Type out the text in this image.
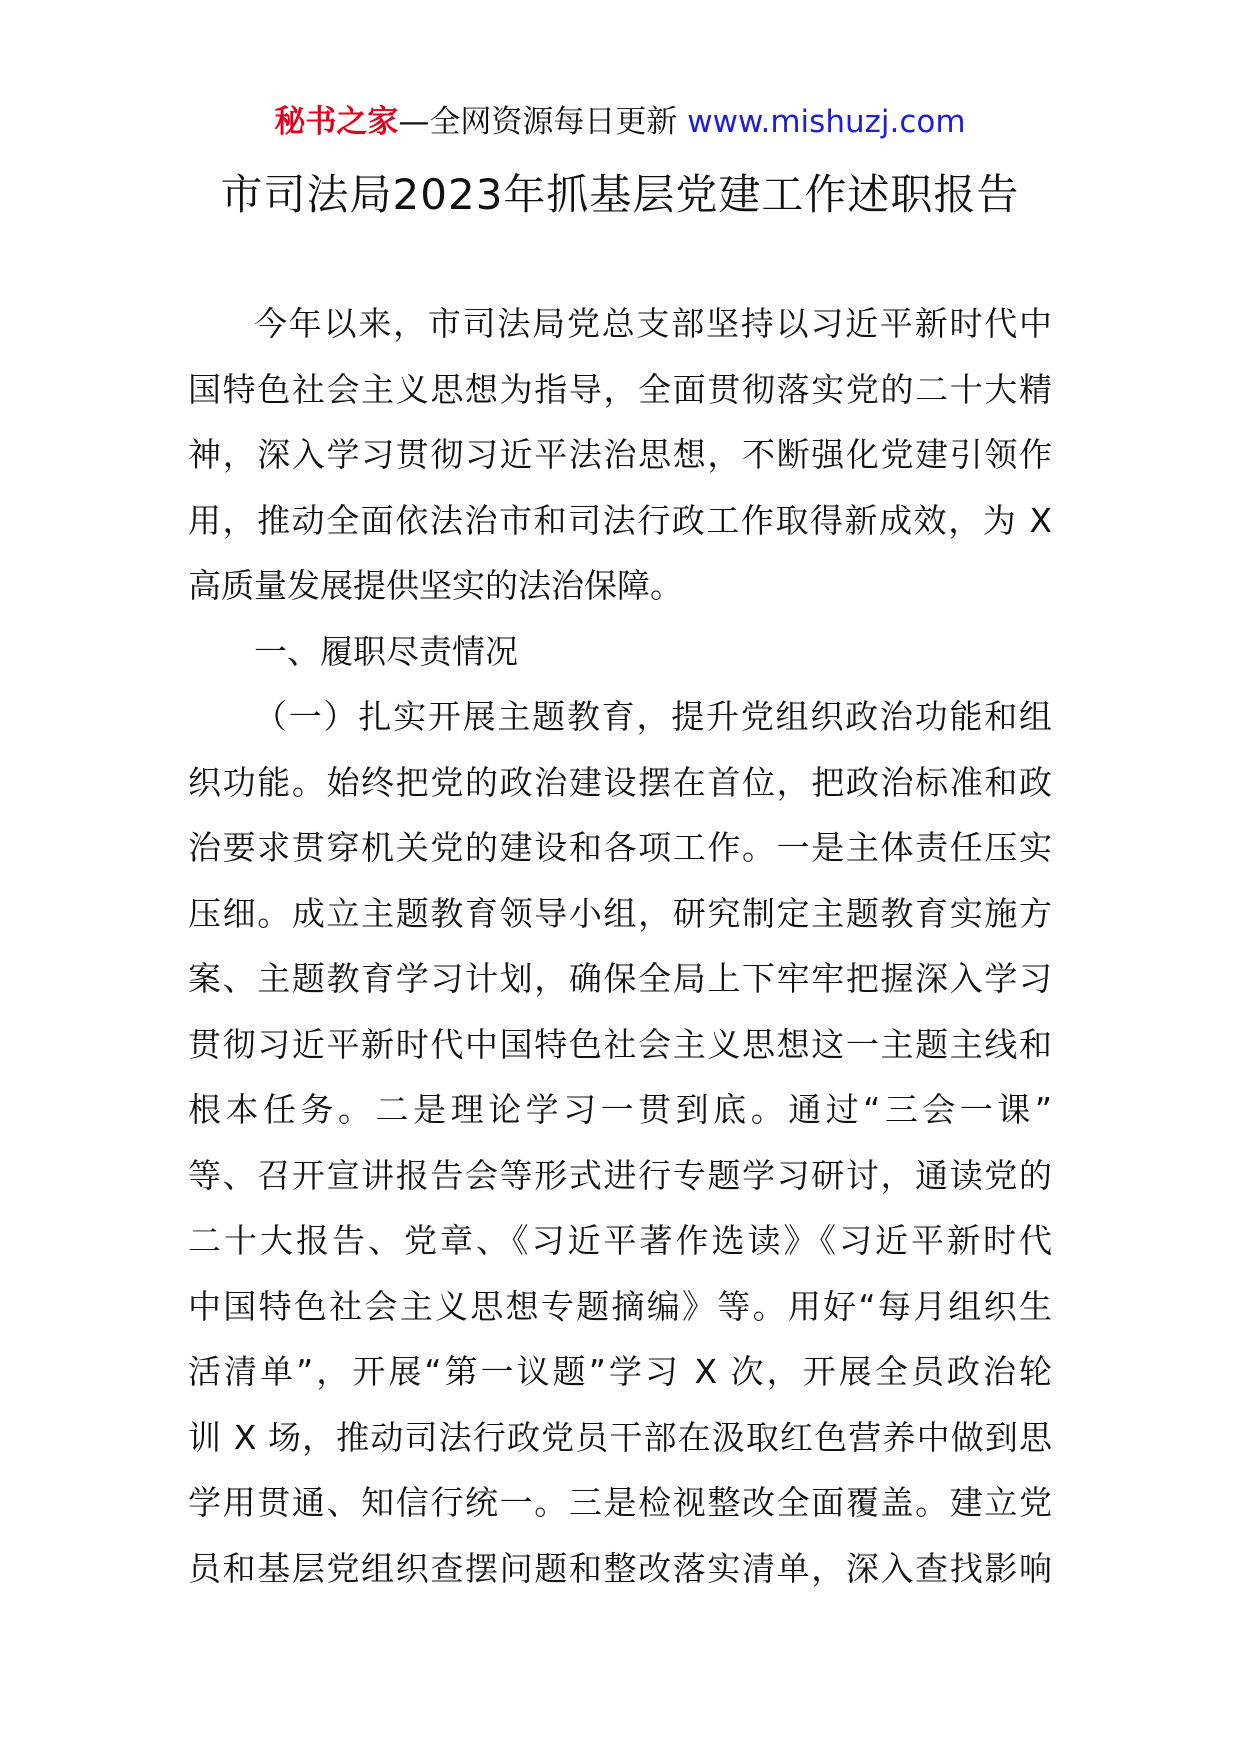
秘书之家—全网资源每日更新 www.mishuzj.com
市司法局2023年抓基层党建工作述职报告

今年以来，市司法局党总支部坚持以习近平新时代中

国特色社会主义思想为指导，全面贯彻落实党的二十大精

神，深入学习贯彻习近平法治思想，不断强化党建引领作

用，推动全面依法治市和司法行政工作取得新成效，为 X

高质量发展提供坚实的法治保障。

一、履职尽责情况

（一）扎实开展主题教育，提升党组织政治功能和组

织功能。始终把党的政治建设摆在首位，把政治标准和政

治要求贯穿机关党的建设和各项工作。一是主体责任压实

压细。成立主题教育领导小组，研究制定主题教育实施方

案、主题教育学习计划，确保全局上下牢牢把握深入学习

贯彻习近平新时代中国特色社会主义思想这一主题主线和

根本任务。二是理论学习一贯到底。通过“三会一课”

等、召开宣讲报告会等形式进行专题学习研讨，通读党的

二十大报告、党章、《习近平著作选读》《习近平新时代

中国特色社会主义思想专题摘编》等。用好“每月组织生

活清单”，开展“第一议题”学习 X 次，开展全员政治轮

训 X 场，推动司法行政党员干部在汲取红色营养中做到思

学用贯通、知信行统一。三是检视整改全面覆盖。建立党

员和基层党组织查摆问题和整改落实清单，深入查找影响
